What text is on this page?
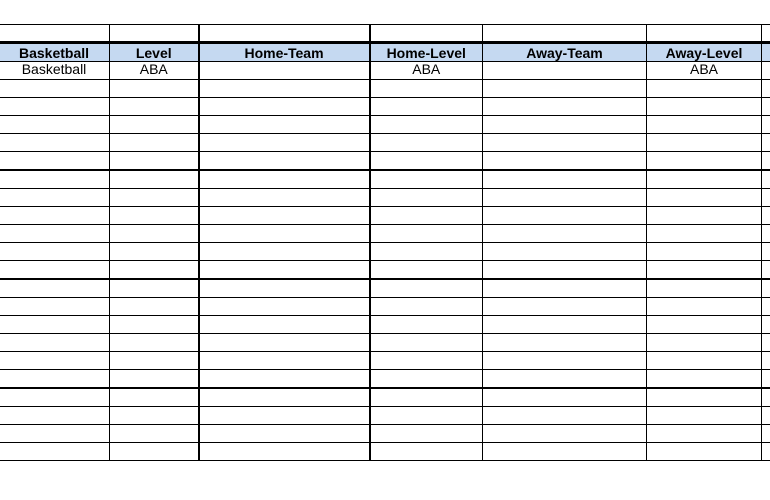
Basketball	Level	Home-Team	Home-Level	Away-Team	Away-Level	
Basketball	ABA		ABA		ABA	
